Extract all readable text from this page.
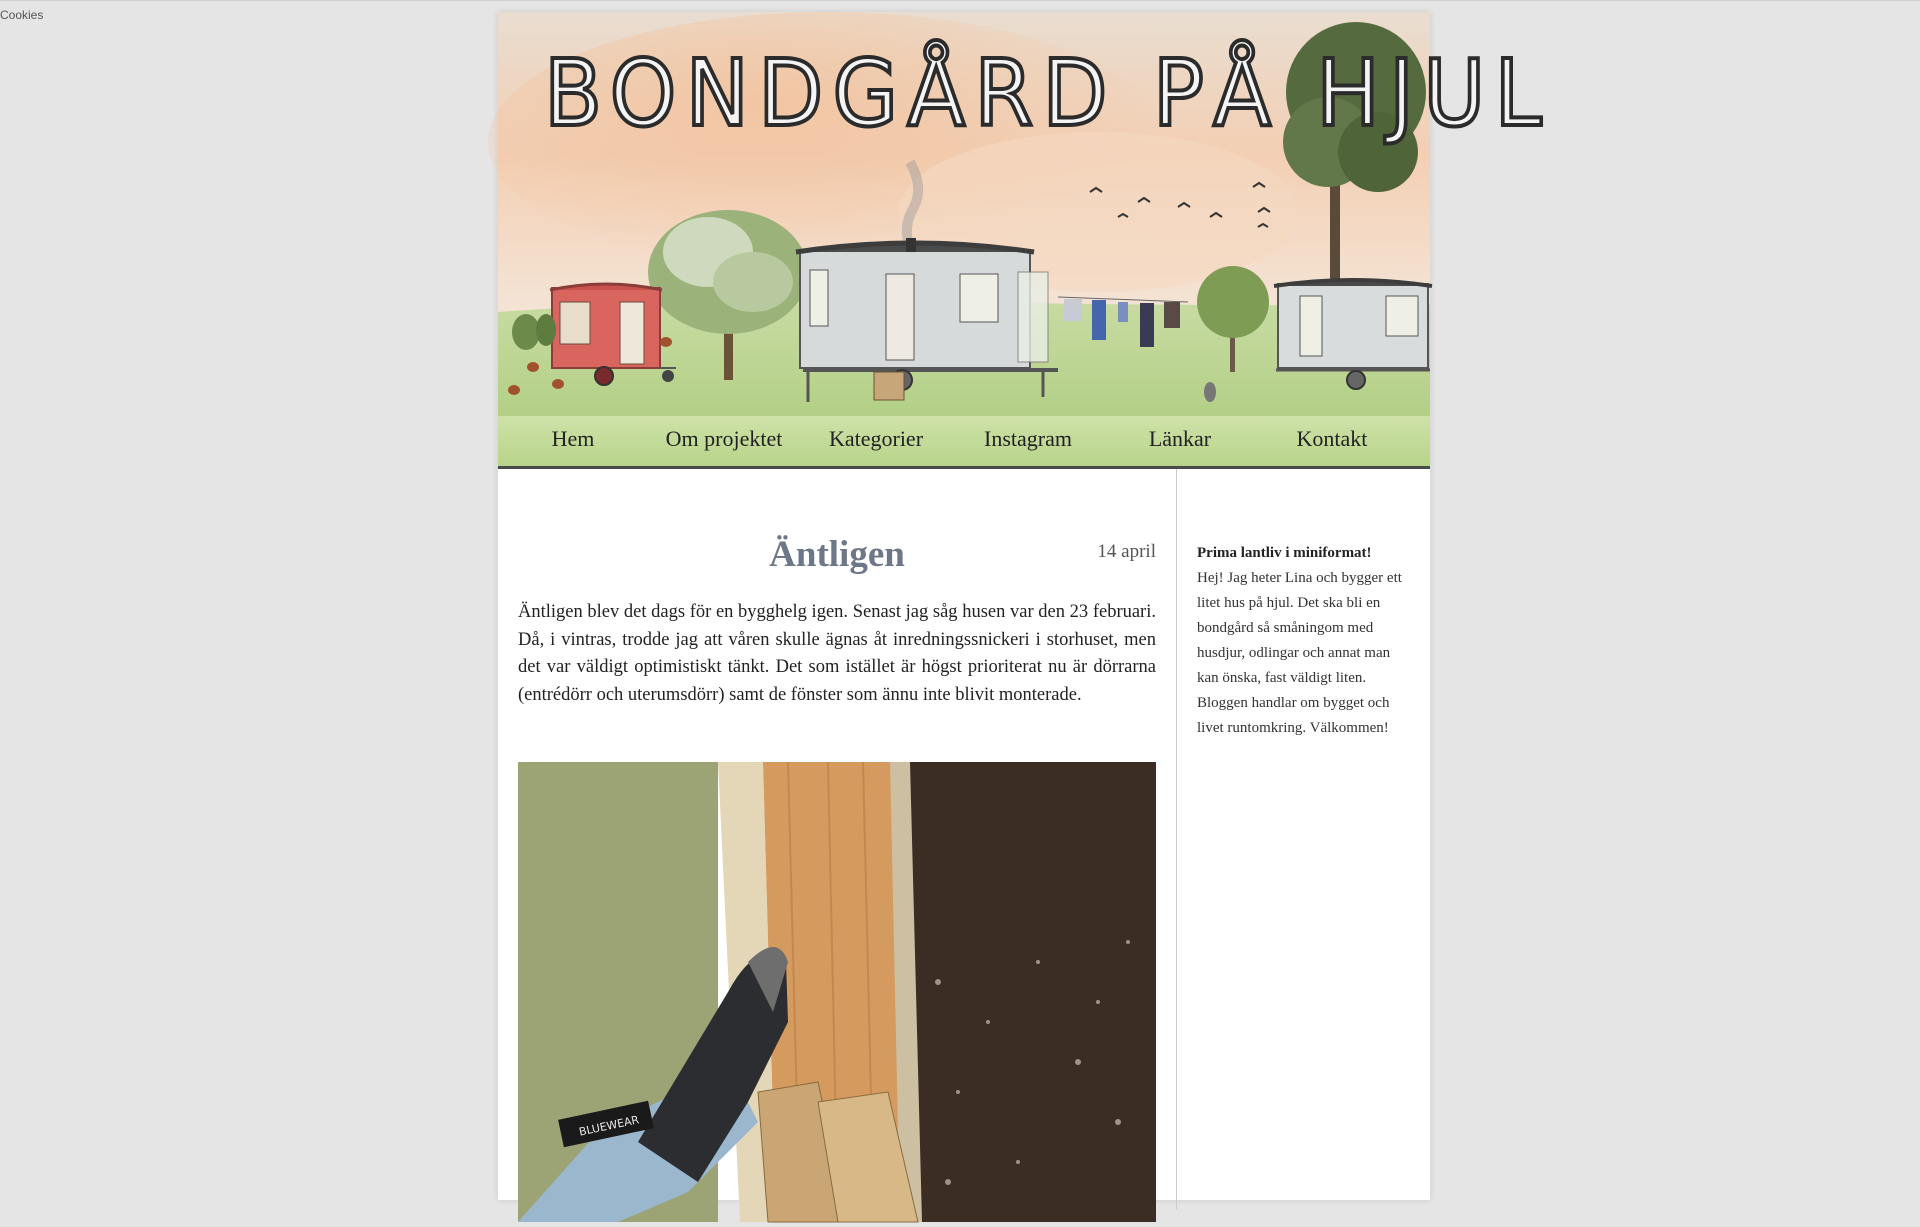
Cookies
BONDGÅRD PÅ HJUL
Hem	Om projektet	Kategorier	Instagram	Länkar	Kontakt
Äntligen	14 april
Äntligen blev det dags för en bygghelg igen. Senast jag såg husen var den 23 februari. Då, i vintras, trodde jag att våren skulle ägnas åt inredningssnickeri i storhuset, men det var väldigt optimistiskt tänkt. Det som istället är högst prioriterat nu är dörrarna (entrédörr och uterumsdörr) samt de fönster som ännu inte blivit monterade.
BLUEWEAR
Prima lantliv i miniformat!
Hej! Jag heter Lina och bygger ett litet hus på hjul. Det ska bli en bondgård så småningom med husdjur, odlingar och annat man kan önska, fast väldigt liten. Bloggen handlar om bygget och livet runtomkring. Välkommen!
